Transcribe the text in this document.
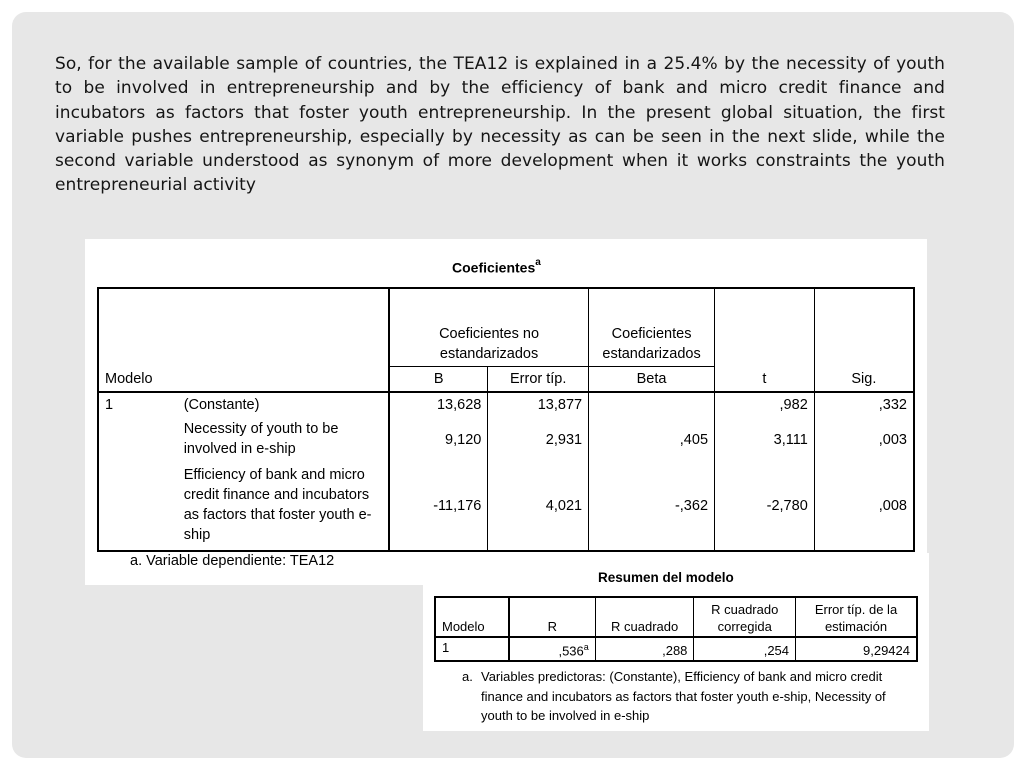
So, for the available sample of countries, the TEA12 is explained in a 25.4% by the necessity of youth to be involved in entrepreneurship and by the efficiency of bank and micro credit finance and incubators as factors that foster youth entrepreneurship. In the present global situation, the first variable pushes entrepreneurship, especially by necessity as can be seen in the next slide, while the second variable understood as synonym of more development when it works constraints the youth entrepreneurial activity
Coeficientes$^a$
Modelo		Coeficientes no estandarizados		Coeficientes estandarizados	t	Sig.
		B	Error típ.	Beta		
1	(Constante)	13,628	13,877		,982	,332
	Necessity of youth to be involved in e-ship	9,120	2,931	,405	3,111	,003
	Efficiency of bank and micro credit finance and incubators as factors that foster youth e-ship	-11,176	4,021	-,362	-2,780	,008
a. Variable dependiente: TEA12
Resumen del modelo
Modelo	R	R cuadrado	R cuadrado corregida	Error típ. de la estimación
1	,536$^a$	,288	,254	9,29424
a. Variables predictoras: (Constante), Efficiency of bank and micro credit finance and incubators as factors that foster youth e-ship, Necessity of youth to be involved in e-ship
